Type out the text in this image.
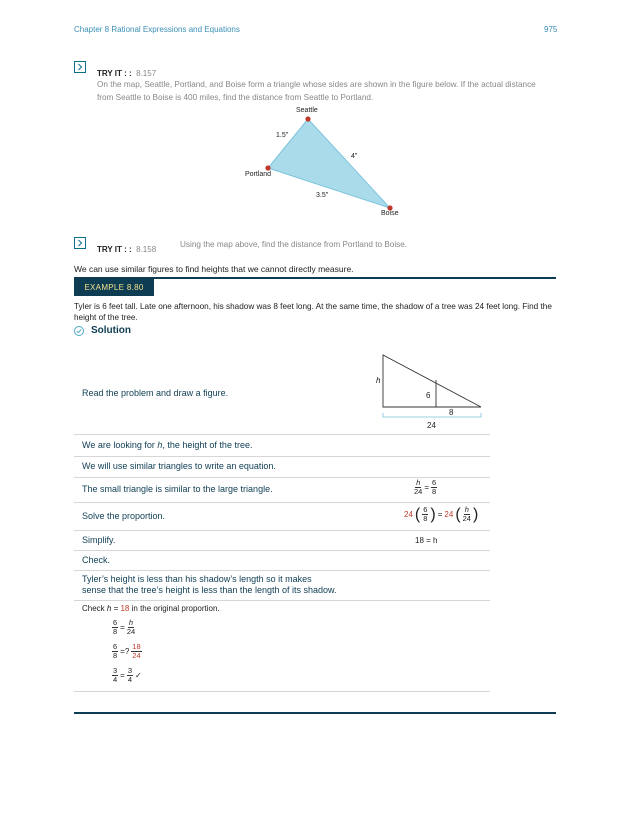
Chapter 8 Rational Expressions and Equations	975
TRY IT : : 8.157
On the map, Seattle, Portland, and Boise form a triangle whose sides are shown in the figure below. If the actual distance from Seattle to Boise is 400 miles, find the distance from Seattle to Portland.
Seattle
Portland
Boise
1.5"
4"
3.5"
TRY IT : : 8.158
Using the map above, find the distance from Portland to Boise.
We can use similar figures to find heights that we cannot directly measure.
EXAMPLE 8.80
Tyler is 6 feet tall. Late one afternoon, his shadow was 8 feet long. At the same time, the shadow of a tree was 24 feet long. Find the height of the tree.
Solution
h
6
8
24
Read the problem and draw a figure.
We are looking for h, the height of the tree.
We will use similar triangles to write an equation.
The small triangle is similar to the large triangle.	$\frac{h}{24} = \frac{6}{8}$
Solve the proportion.	24 ( $\frac{6}{8}$ ) = 24 ( $\frac{h}{24}$ )
Simplify.	18 = h
Check.
Tyler’s height is less than his shadow’s length so it makes
sense that the tree’s height is less than the length of its shadow.
Check h = 18 in the original proportion.
$\frac{6}{8} = \frac{h}{24}$
$\frac{6}{8}$ =? $\frac{18}{24}$
$\frac{3}{4} = \frac{3}{4}$ ✓
